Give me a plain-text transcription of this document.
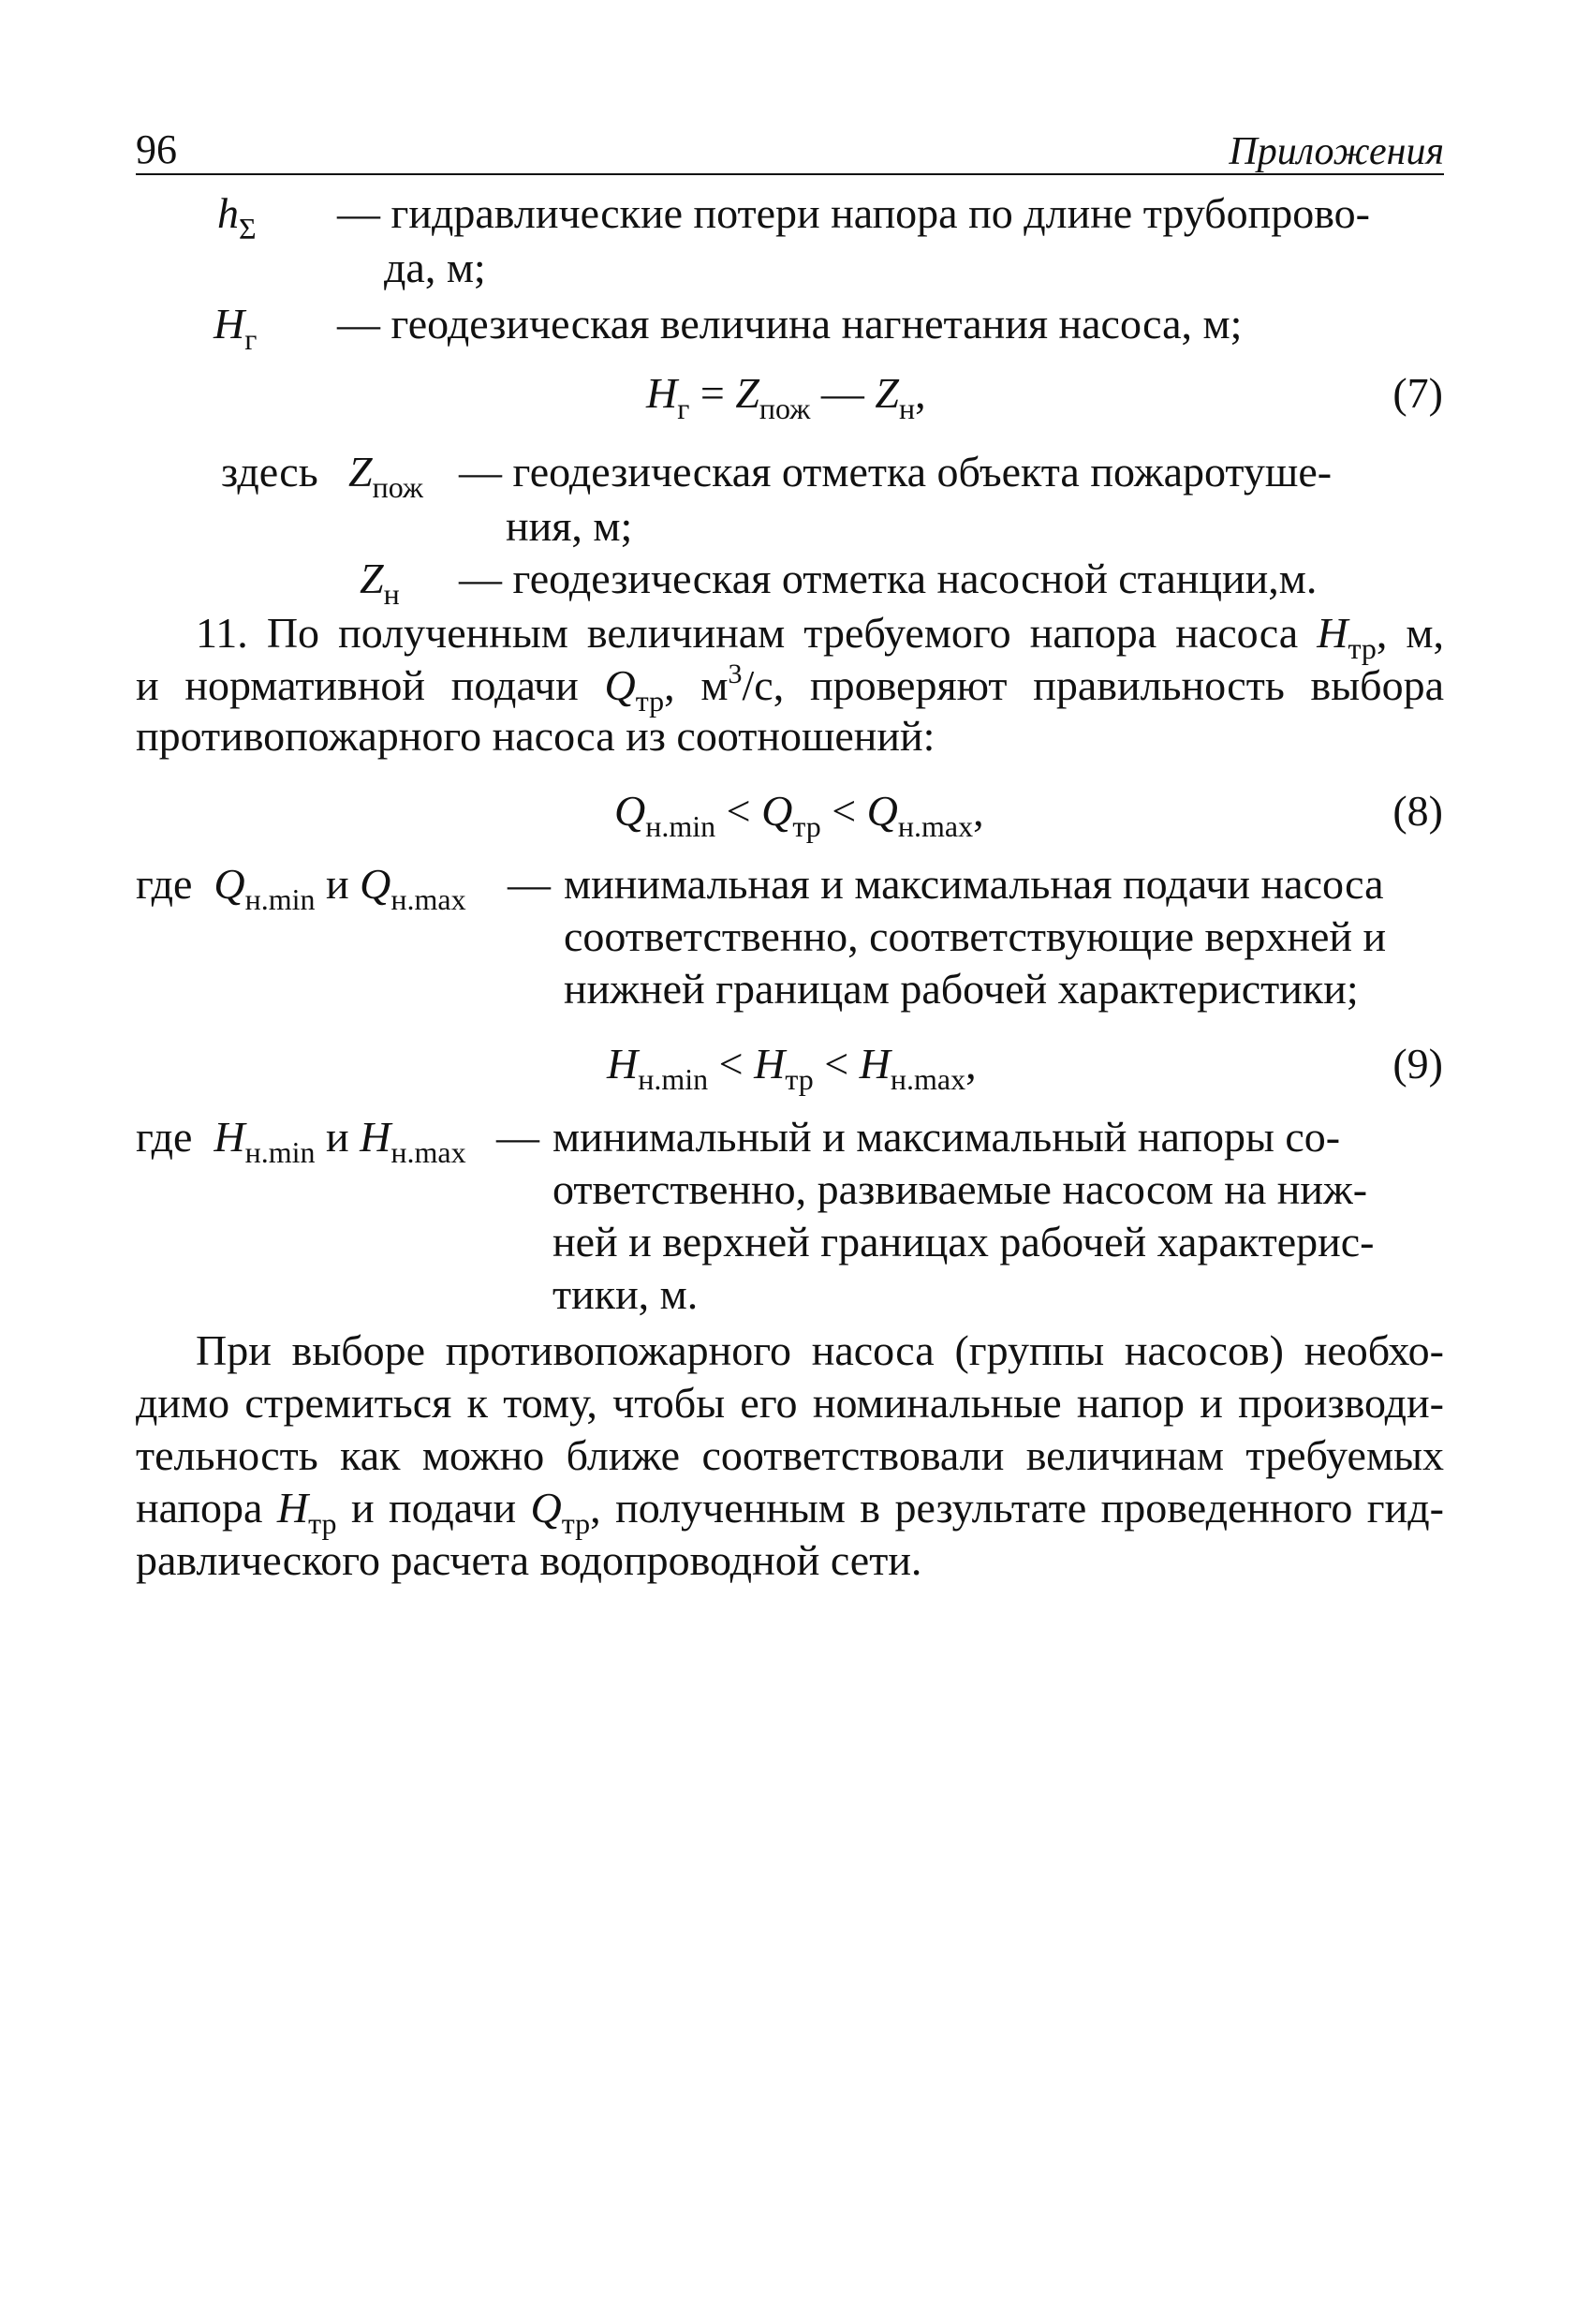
96	Приложения
$h_\Sigma$ — гидравлические потери напора по длине трубопрово-
да, м;
$H_г$ — геодезическая величина нагнетания насоса, м;
$H_г = Z_{пож}$ — $Z_н$,	(7)
здесь $Z_{пож}$ — геодезическая отметка объекта пожаротуше-
ния, м;
$Z_н$ — геодезическая отметка насосной станции,м.
11. По полученным величинам требуемого напора насоса $H_{тр}$, м,
и нормативной подачи $Q_{тр}$, $м^3/с$, проверяют правильность выбора
противопожарного насоса из соотношений:
$Q_{н.min} < Q_{тр} < Q_{н.max}$,	(8)
где $Q_{н.min}$ и $Q_{н.max}$ — минимальная и максимальная подачи насоса
соответственно, соответствующие верхней и
нижней границам рабочей характеристики;
$H_{н.min} < H_{тр} < H_{н.max}$,	(9)
где $H_{н.min}$ и $H_{н.max}$ — минимальный и максимальный напоры со-
ответственно, развиваемые насосом на ниж-
ней и верхней границах рабочей характерис-
тики, м.
При выборе противопожарного насоса (группы насосов) необхо-
димо стремиться к тому, чтобы его номинальные напор и производи-
тельность как можно ближе соответствовали величинам требуемых
напора $H_{тр}$ и подачи $Q_{тр}$, полученным в результате проведенного гид-
равлического расчета водопроводной сети.
